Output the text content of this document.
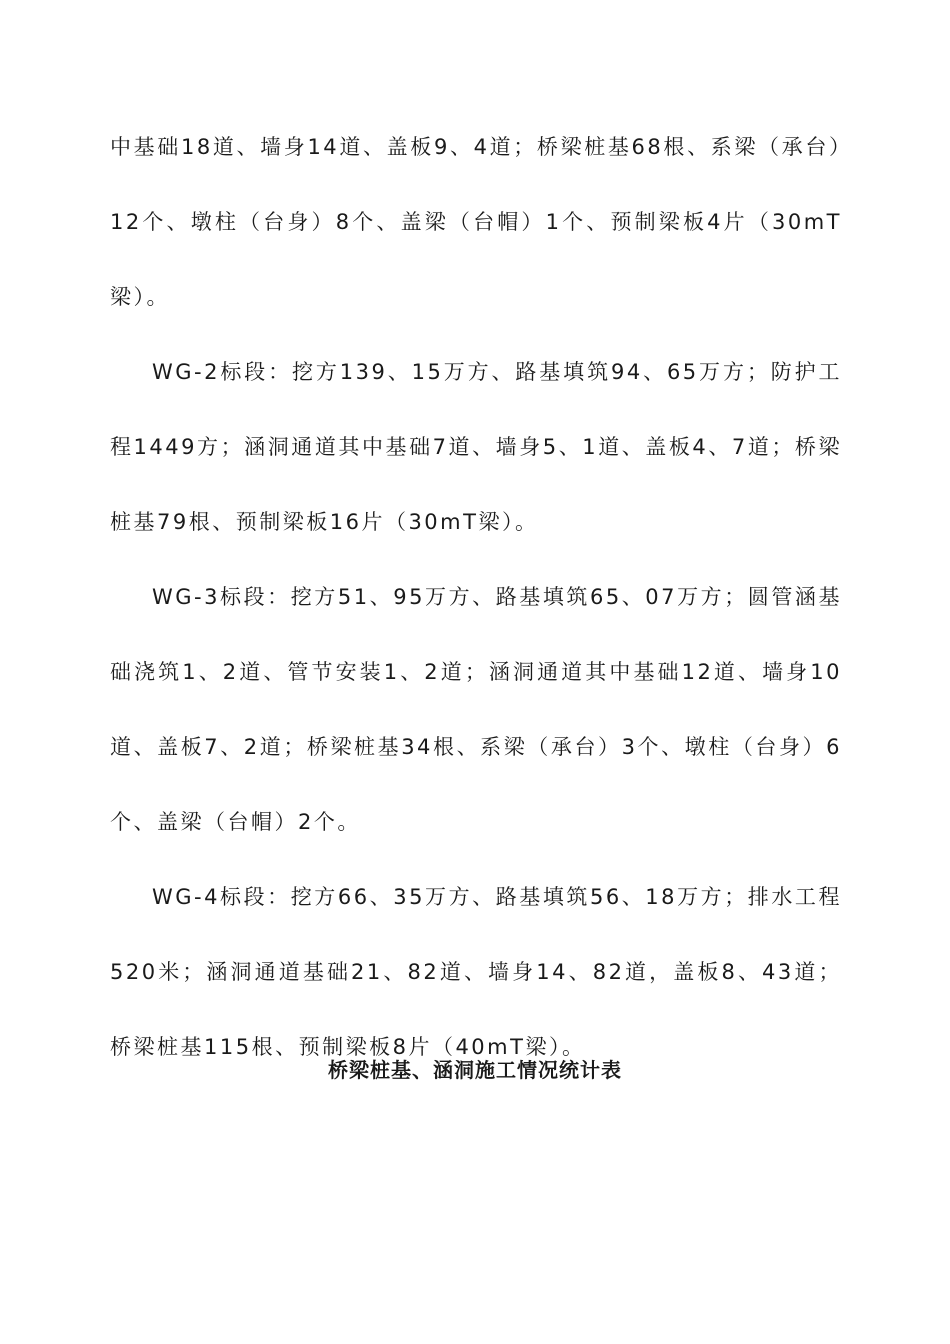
中基础18道、墙身14道、盖板9、4道；桥梁桩基68根、系梁（承台）12个、墩柱（台身）8个、盖梁（台帽）1个、预制梁板4片（30mT梁）。

WG-2标段：挖方139、15万方、路基填筑94、65万方；防护工程1449方；涵洞通道其中基础7道、墙身5、1道、盖板4、7道；桥梁桩基79根、预制梁板16片（30mT梁）。

WG-3标段：挖方51、95万方、路基填筑65、07万方；圆管涵基础浇筑1、2道、管节安装1、2道；涵洞通道其中基础12道、墙身10道、盖板7、2道；桥梁桩基34根、系梁（承台）3个、墩柱（台身）6个、盖梁（台帽）2个。

WG-4标段：挖方66、35万方、路基填筑56、18万方；排水工程520米；涵洞通道基础21、82道、墙身14、82道，盖板8、43道；桥梁桩基115根、预制梁板8片（40mT梁）。

桥梁桩基、涵洞施工情况统计表
